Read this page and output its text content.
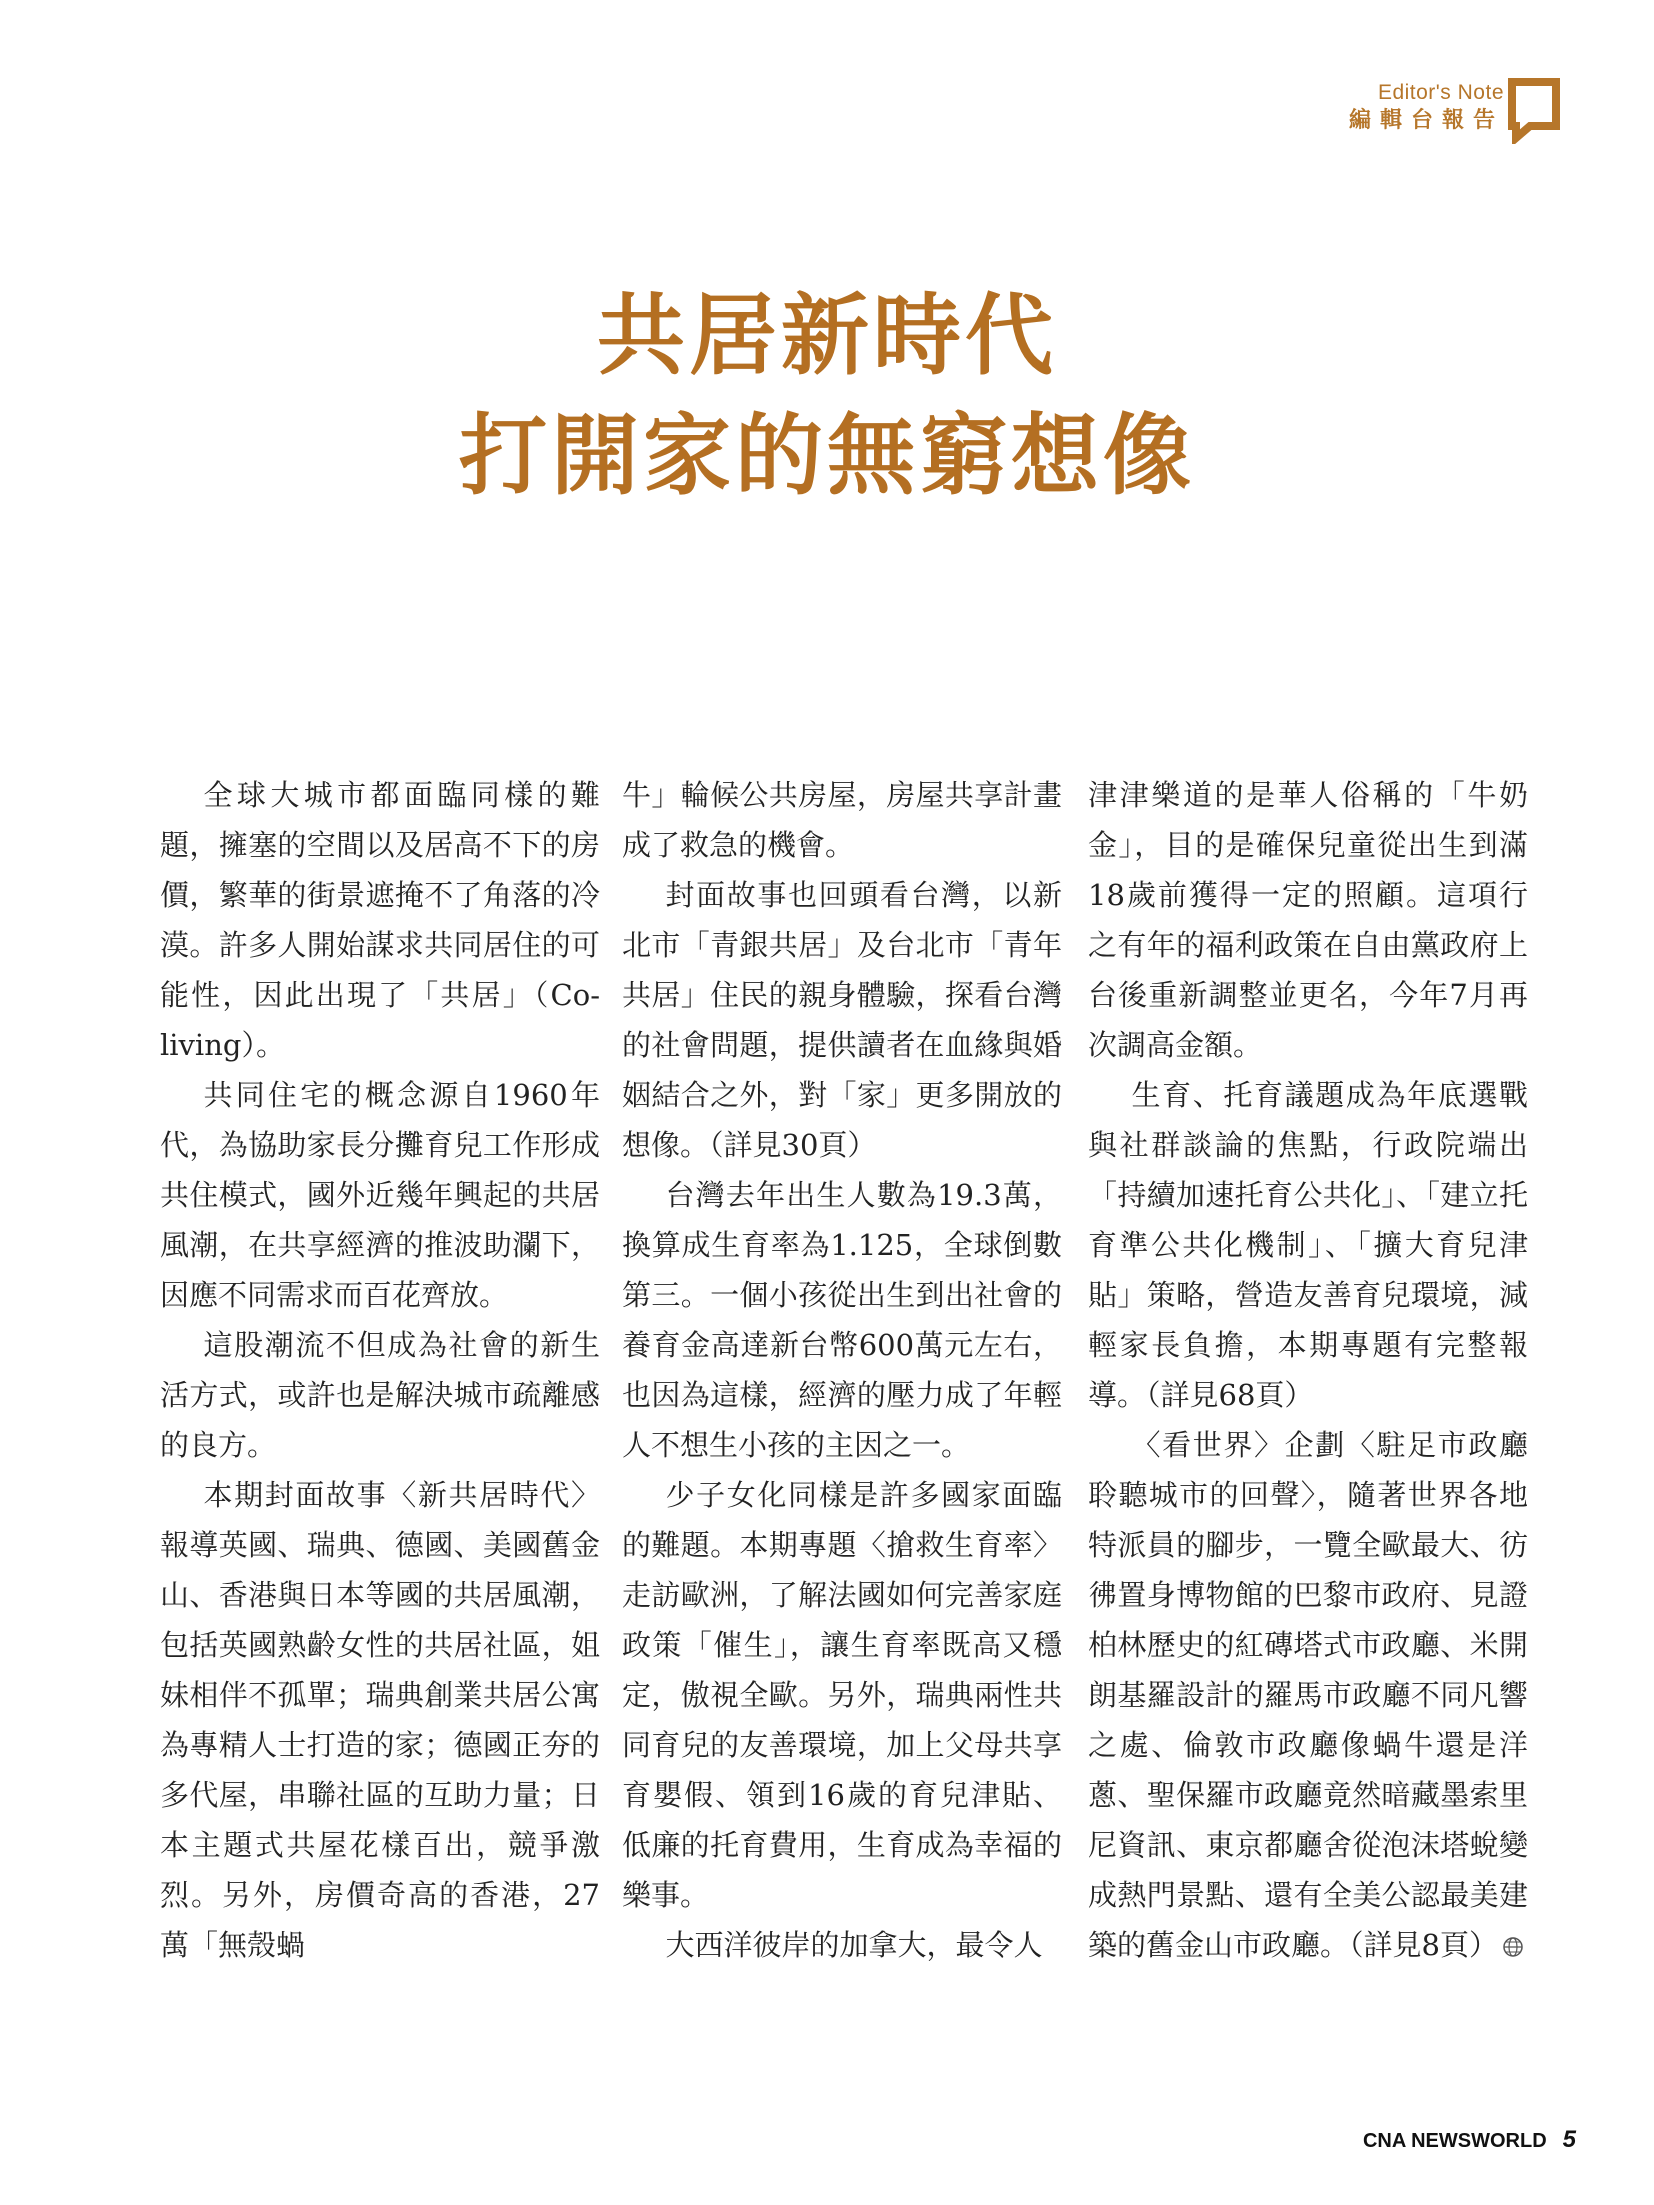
Editor's Note
編輯台報告
共居新時代
打開家的無窮想像

全球大城市都面臨同樣的難題，擁塞的空間以及居高不下的房價，繁華的街景遮掩不了角落的冷漠。許多人開始謀求共同居住的可能性，因此出現了「共居」（Co-living）。

共同住宅的概念源自1960年代，為協助家長分攤育兒工作形成共住模式，國外近幾年興起的共居風潮，在共享經濟的推波助瀾下，因應不同需求而百花齊放。

這股潮流不但成為社會的新生活方式，或許也是解決城市疏離感的良方。

本期封面故事〈新共居時代〉報導英國、瑞典、德國、美國舊金山、香港與日本等國的共居風潮，包括英國熟齡女性的共居社區，姐妹相伴不孤單；瑞典創業共居公寓為專精人士打造的家；德國正夯的多代屋，串聯社區的互助力量；日本主題式共屋花樣百出，競爭激烈。另外，房價奇高的香港，27萬「無殼蝸

牛」輪候公共房屋，房屋共享計畫成了救急的機會。

封面故事也回頭看台灣，以新北市「青銀共居」及台北市「青年共居」住民的親身體驗，探看台灣的社會問題，提供讀者在血緣與婚姻結合之外，對「家」更多開放的想像。（詳見30頁）

台灣去年出生人數為19.3萬，換算成生育率為1.125，全球倒數第三。一個小孩從出生到出社會的養育金高達新台幣600萬元左右，也因為這樣，經濟的壓力成了年輕人不想生小孩的主因之一。

少子女化同樣是許多國家面臨的難題。本期專題〈搶救生育率〉走訪歐洲，了解法國如何完善家庭政策「催生」，讓生育率既高又穩定，傲視全歐。另外，瑞典兩性共同育兒的友善環境，加上父母共享育嬰假、領到16歲的育兒津貼、低廉的托育費用，生育成為幸福的樂事。

大西洋彼岸的加拿大，最令人

津津樂道的是華人俗稱的「牛奶金」，目的是確保兒童從出生到滿18歲前獲得一定的照顧。這項行之有年的福利政策在自由黨政府上台後重新調整並更名，今年7月再次調高金額。

生育、托育議題成為年底選戰與社群談論的焦點，行政院端出「持續加速托育公共化」、「建立托育準公共化機制」、「擴大育兒津貼」策略，營造友善育兒環境，減輕家長負擔，本期專題有完整報導。（詳見68頁）

〈看世界〉企劃〈駐足市政廳 聆聽城市的回聲〉，隨著世界各地特派員的腳步，一覽全歐最大、彷彿置身博物館的巴黎市政府、見證柏林歷史的紅磚塔式市政廳、米開朗基羅設計的羅馬市政廳不同凡響之處、倫敦市政廳像蝸牛還是洋蔥、聖保羅市政廳竟然暗藏墨索里尼資訊、東京都廳舍從泡沫塔蛻變成熱門景點、還有全美公認最美建築的舊金山市政廳。（詳見8頁）

CNA NEWSWORLD 5
